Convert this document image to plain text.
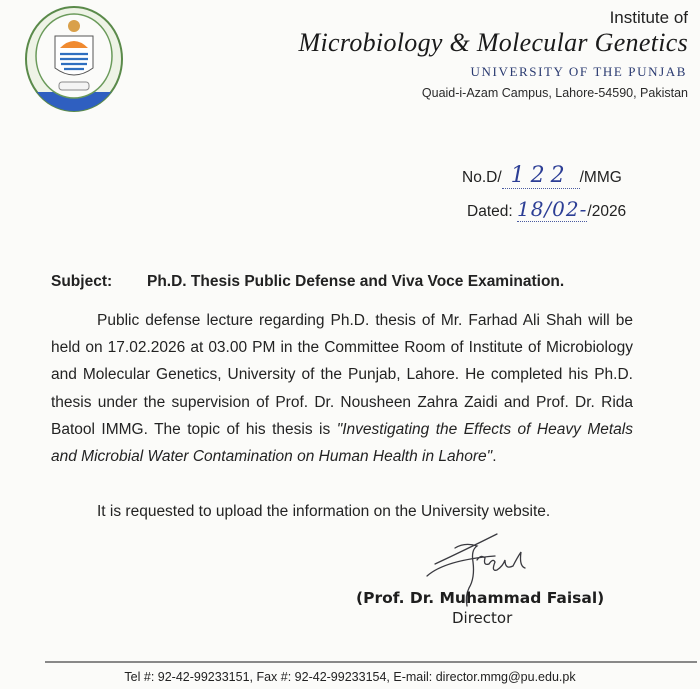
Institute of
Microbiology & Molecular Genetics
UNIVERSITY OF THE PUNJAB
Quaid-i-Azam Campus, Lahore-54590, Pakistan
No.D/ 122 /MMG
Dated: 18/02-/2026
Subject: Ph.D. Thesis Public Defense and Viva Voce Examination.

Public defense lecture regarding Ph.D. thesis of Mr. Farhad Ali Shah will be held on 17.02.2026 at 03.00 PM in the Committee Room of Institute of Microbiology and Molecular Genetics, University of the Punjab, Lahore. He completed his Ph.D. thesis under the supervision of Prof. Dr. Nousheen Zahra Zaidi and Prof. Dr. Rida Batool IMMG. The topic of his thesis is "Investigating the Effects of Heavy Metals and Microbial Water Contamination on Human Health in Lahore".

It is requested to upload the information on the University website.
(Prof. Dr. Muhammad Faisal)
Director
Tel #: 92-42-99233151, Fax #: 92-42-99233154, E-mail: director.mmg@pu.edu.pk
